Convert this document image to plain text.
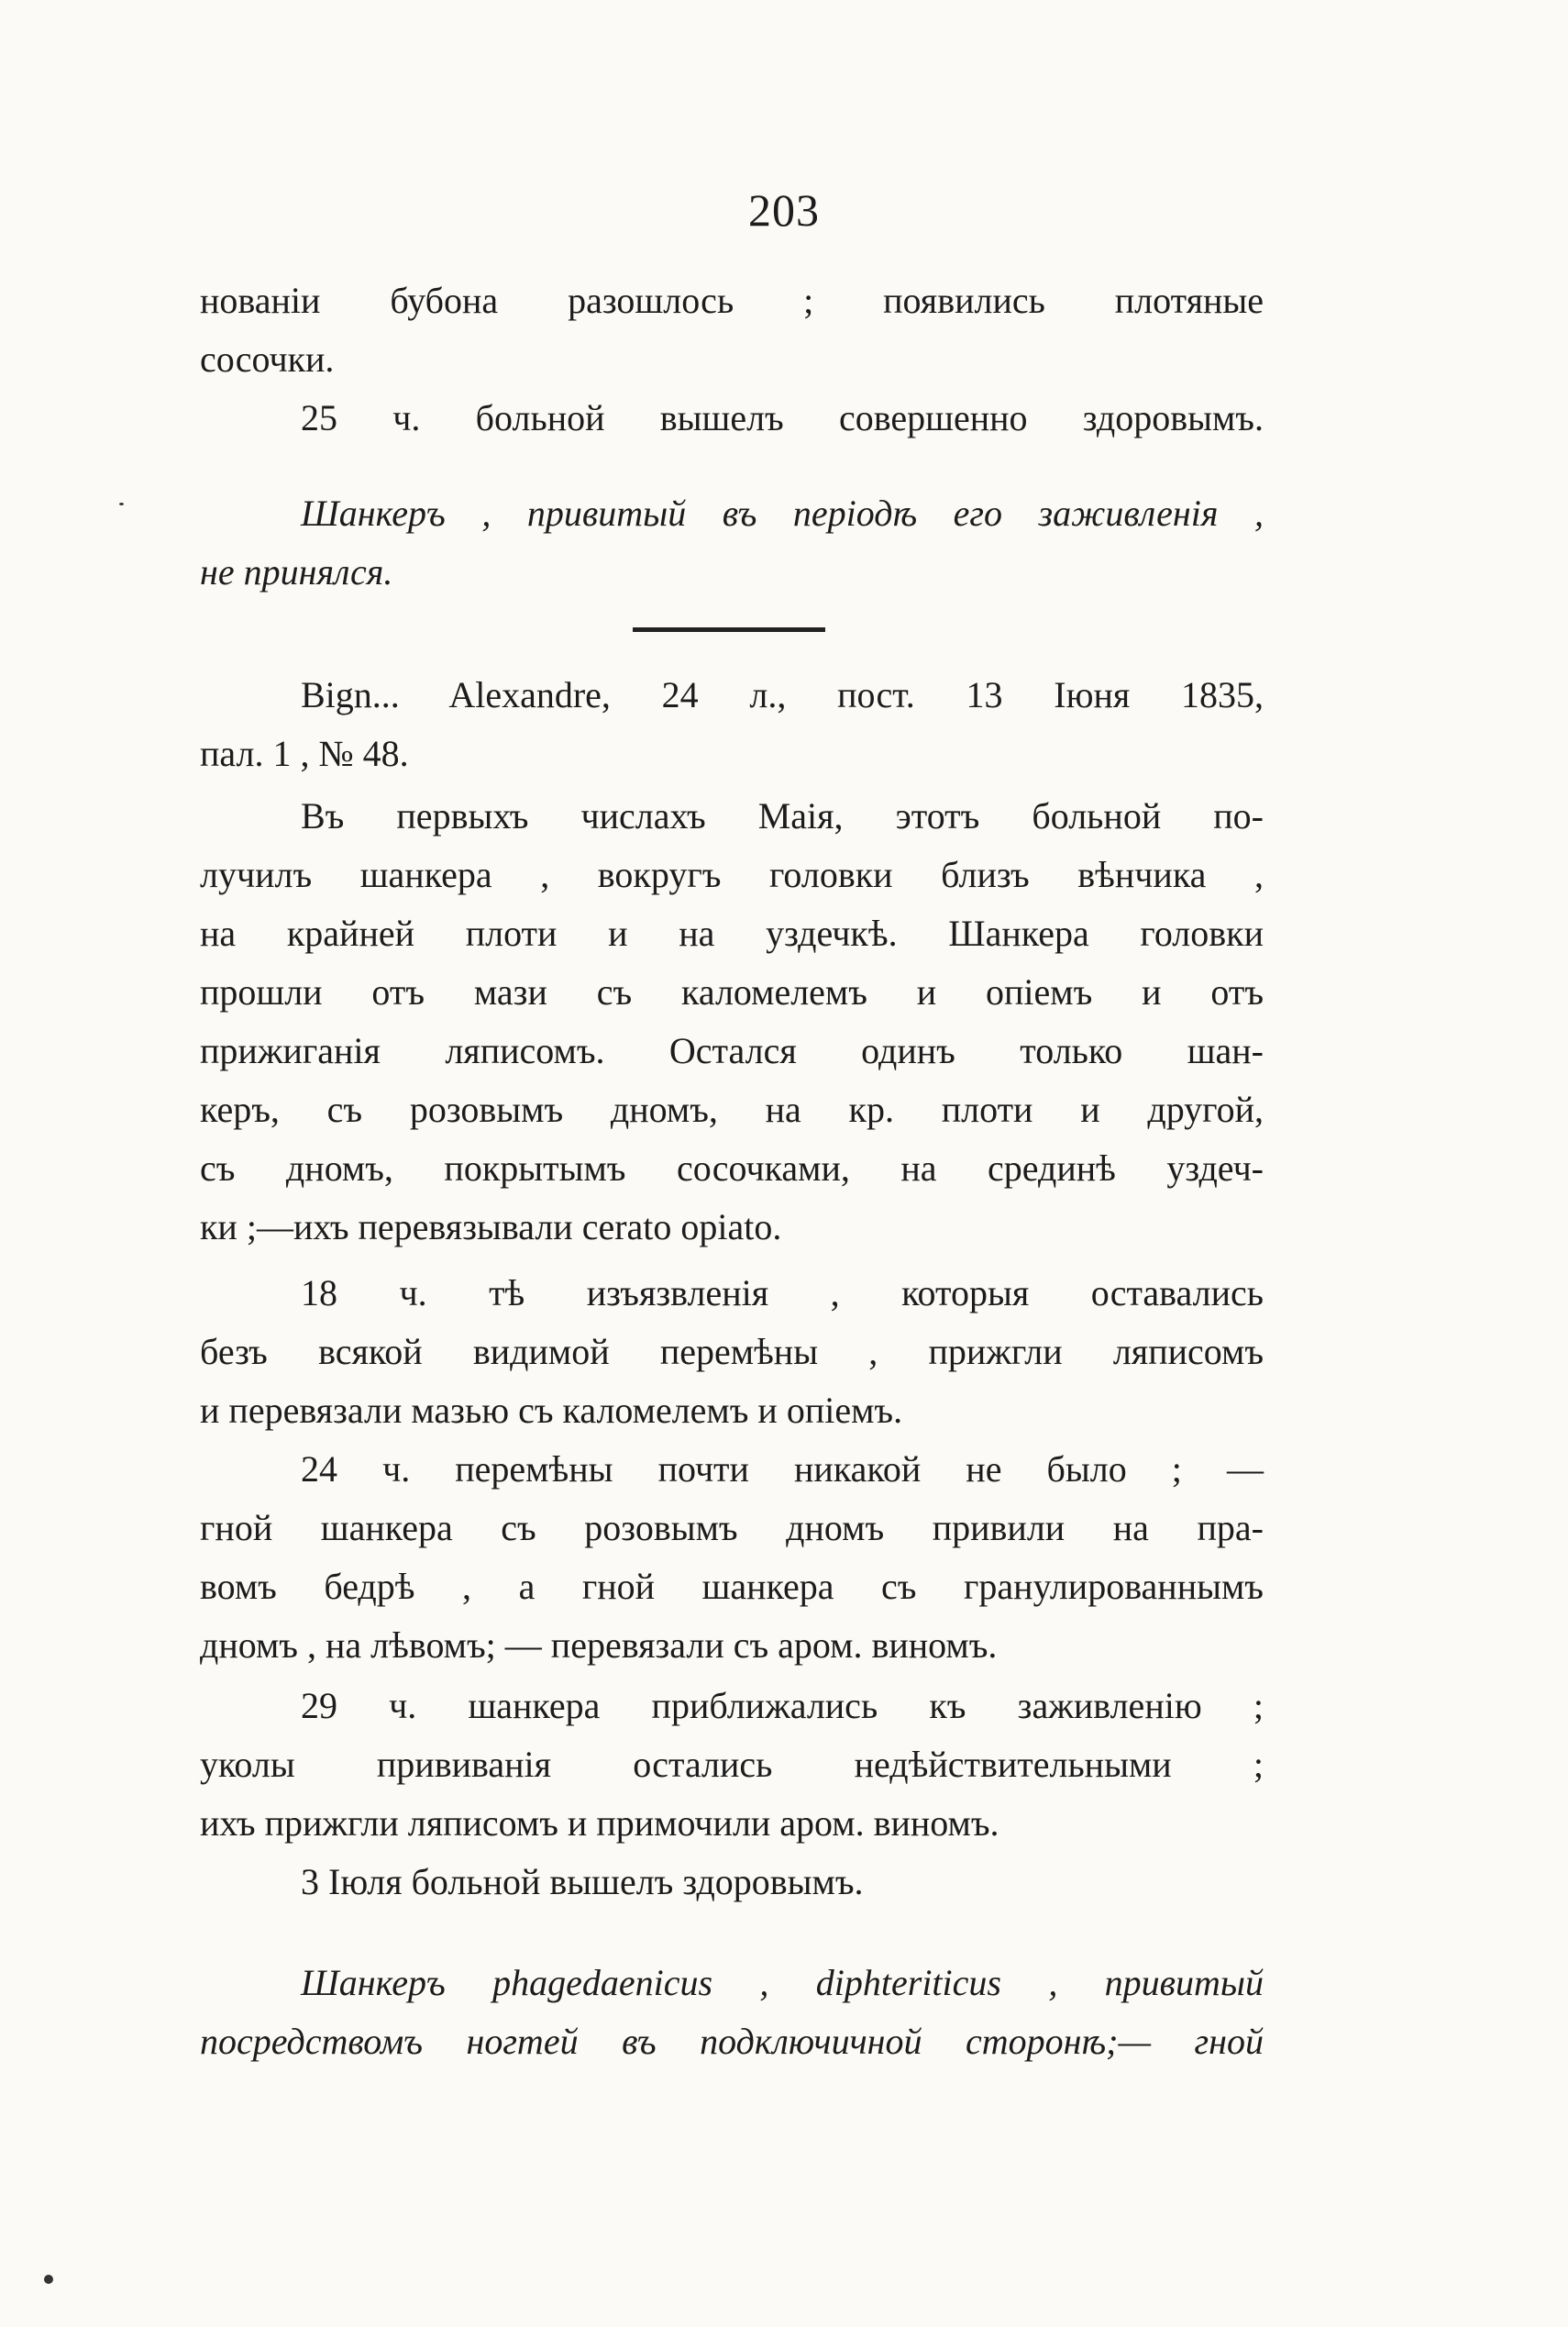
203
нованіи бубона разошлось ; появились плотяные
сосочки.
25 ч. больной вышелъ совершенно здоровымъ.
Шанкеръ , привитый въ періодѣ его заживленія ,
не принялся.
Bign... Alexandre, 24 л., пост. 13 Іюня 1835,
пал. 1 , № 48.
Въ первыхъ числахъ Маія, этотъ больной по-
лучилъ шанкера , вокругъ головки близъ вѣнчика ,
на крайней плоти и на уздечкѣ. Шанкера головки
прошли отъ мази съ каломелемъ и опіемъ и отъ
прижиганія ляписомъ. Остался одинъ только шан-
керъ, съ розовымъ дномъ, на кр. плоти и другой,
съ дномъ, покрытымъ сосочками, на срединѣ уздеч-
ки ;—ихъ перевязывали cerato opiato.
18 ч. тѣ изъязвленія , которыя оставались
безъ всякой видимой перемѣны , прижгли ляписомъ
и перевязали мазью съ каломелемъ и опіемъ.
24 ч. перемѣны почти никакой не было ; —
гной шанкера съ розовымъ дномъ привили на пра-
вомъ бедрѣ , а гной шанкера съ гранулированнымъ
дномъ , на лѣвомъ; — перевязали съ аром. виномъ.
29 ч. шанкера приближались къ заживленію ;
уколы прививанія остались недѣйствительными ;
ихъ прижгли ляписомъ и примочили аром. виномъ.
3 Іюля больной вышелъ здоровымъ.
Шанкеръ phagedaenicus , diphteriticus , привитый
посредствомъ ногтей въ подключичной сторонѣ;— гной
